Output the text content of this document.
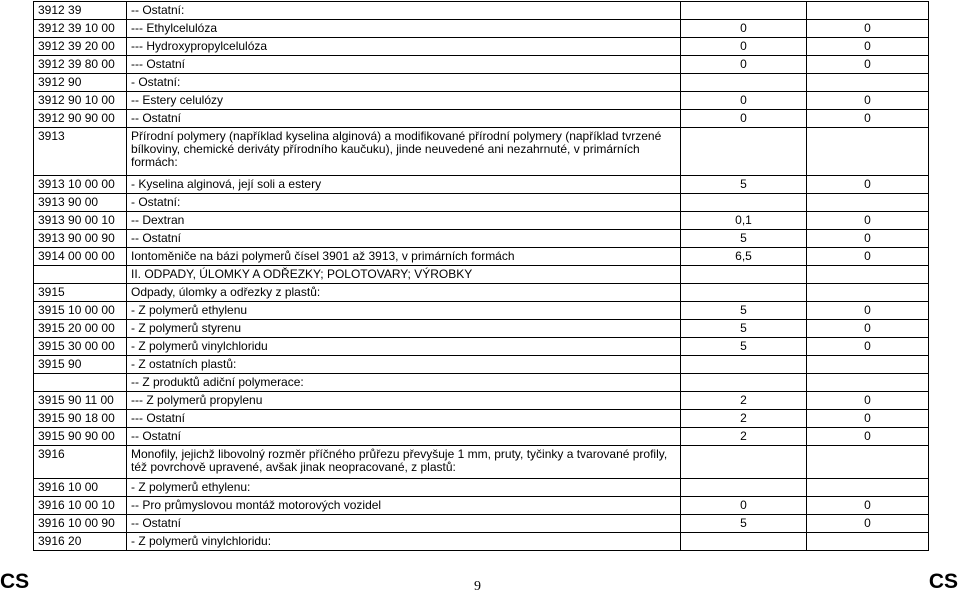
3912 39	-- Ostatní:		
3912 39 10 00	--- Ethylcelulóza	0	0
3912 39 20 00	--- Hydroxypropylcelulóza	0	0
3912 39 80 00	--- Ostatní	0	0
3912 90	- Ostatní:		
3912 90 10 00	-- Estery celulózy	0	0
3912 90 90 00	-- Ostatní	0	0
3913	Přírodní polymery (například kyselina alginová) a modifikované přírodní polymery (například tvrzené bílkoviny, chemické deriváty přírodního kaučuku), jinde neuvedené ani nezahrnuté, v primárních formách:		
3913 10 00 00	- Kyselina alginová, její soli a estery	5	0
3913 90 00	- Ostatní:		
3913 90 00 10	-- Dextran	0,1	0
3913 90 00 90	-- Ostatní	5	0
3914 00 00 00	Iontoměniče na bázi polymerů čísel 3901 až 3913, v primárních formách	6,5	0
	II. ODPADY, ÚLOMKY A ODŘEZKY; POLOTOVARY; VÝROBKY		
3915	Odpady, úlomky a odřezky z plastů:		
3915 10 00 00	- Z polymerů ethylenu	5	0
3915 20 00 00	- Z polymerů styrenu	5	0
3915 30 00 00	- Z polymerů vinylchloridu	5	0
3915 90	- Z ostatních plastů:		
	-- Z produktů adiční polymerace:		
3915 90 11 00	--- Z polymerů propylenu	2	0
3915 90 18 00	--- Ostatní	2	0
3915 90 90 00	-- Ostatní	2	0
3916	Monofily, jejichž libovolný rozměr příčného průřezu převyšuje 1 mm, pruty, tyčinky a tvarované profily, též povrchově upravené, avšak jinak neopracované, z plastů:		
3916 10 00	- Z polymerů ethylenu:		
3916 10 00 10	-- Pro průmyslovou montáž motorových vozidel	0	0
3916 10 00 90	-- Ostatní	5	0
3916 20	- Z polymerů vinylchloridu:		
CS	9	CS
